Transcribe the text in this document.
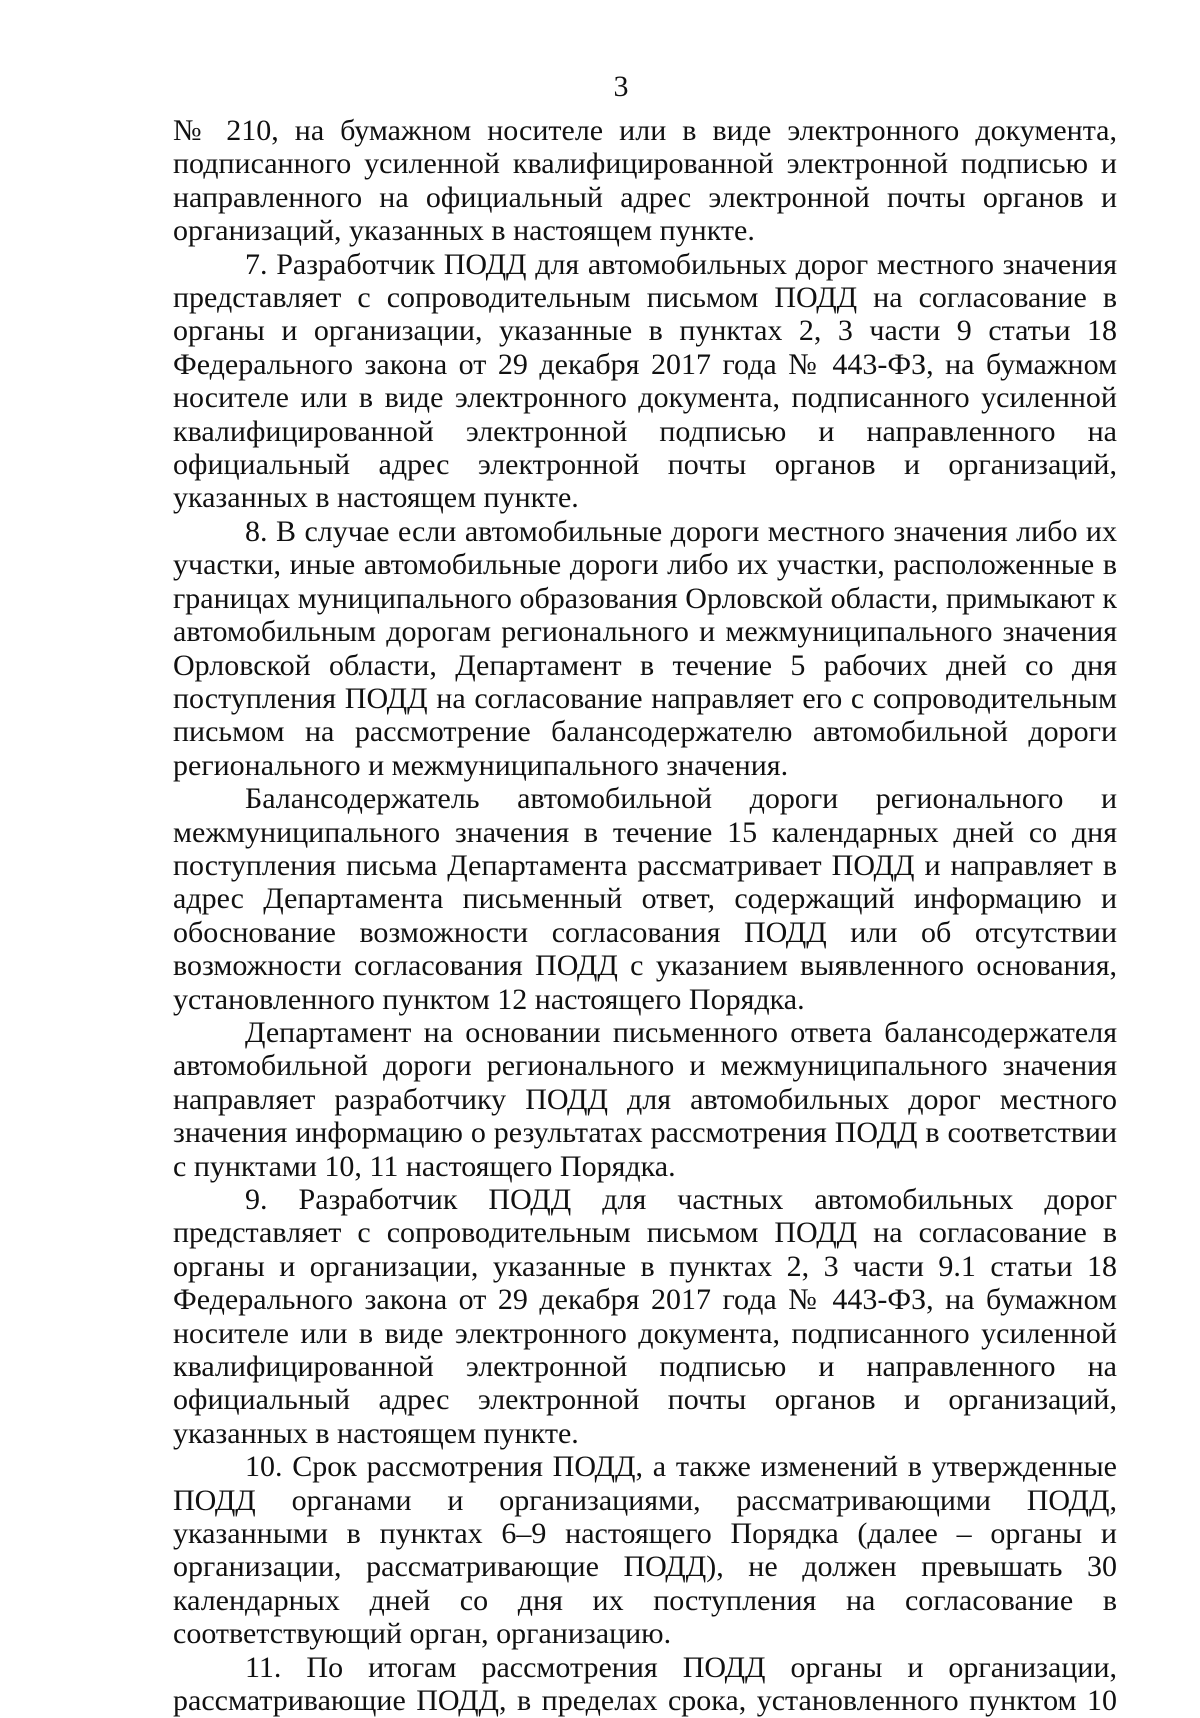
3

№ 210, на бумажном носителе или в виде электронного документа, подписанного усиленной квалифицированной электронной подписью и направленного на официальный адрес электронной почты органов и организаций, указанных в настоящем пункте.

7. Разработчик ПОДД для автомобильных дорог местного значения представляет с сопроводительным письмом ПОДД на согласование в органы и организации, указанные в пунктах 2, 3 части 9 статьи 18 Федерального закона от 29 декабря 2017 года № 443-ФЗ, на бумажном носителе или в виде электронного документа, подписанного усиленной квалифицированной электронной подписью и направленного на официальный адрес электронной почты органов и организаций, указанных в настоящем пункте.

8. В случае если автомобильные дороги местного значения либо их участки, иные автомобильные дороги либо их участки, расположенные в границах муниципального образования Орловской области, примыкают к автомобильным дорогам регионального и межмуниципального значения Орловской области, Департамент в течение 5 рабочих дней со дня поступления ПОДД на согласование направляет его с сопроводительным письмом на рассмотрение балансодержателю автомобильной дороги регионального и межмуниципального значения.

Балансодержатель автомобильной дороги регионального и межмуниципального значения в течение 15 календарных дней со дня поступления письма Департамента рассматривает ПОДД и направляет в адрес Департамента письменный ответ, содержащий информацию и обоснование возможности согласования ПОДД или об отсутствии возможности согласования ПОДД с указанием выявленного основания, установленного пунктом 12 настоящего Порядка.

Департамент на основании письменного ответа балансодержателя автомобильной дороги регионального и межмуниципального значения направляет разработчику ПОДД для автомобильных дорог местного значения информацию о результатах рассмотрения ПОДД в соответствии с пунктами 10, 11 настоящего Порядка.

9. Разработчик ПОДД для частных автомобильных дорог представляет с сопроводительным письмом ПОДД на согласование в органы и организации, указанные в пунктах 2, 3 части 9.1 статьи 18 Федерального закона от 29 декабря 2017 года № 443-ФЗ, на бумажном носителе или в виде электронного документа, подписанного усиленной квалифицированной электронной подписью и направленного на официальный адрес электронной почты органов и организаций, указанных в настоящем пункте.

10. Срок рассмотрения ПОДД, а также изменений в утвержденные ПОДД органами и организациями, рассматривающими ПОДД, указанными в пунктах 6–9 настоящего Порядка (далее – органы и организации, рассматривающие ПОДД), не должен превышать 30 календарных дней со дня их поступления на согласование в соответствующий орган, организацию.

11. По итогам рассмотрения ПОДД органы и организации, рассматривающие ПОДД, в пределах срока, установленного пунктом 10
